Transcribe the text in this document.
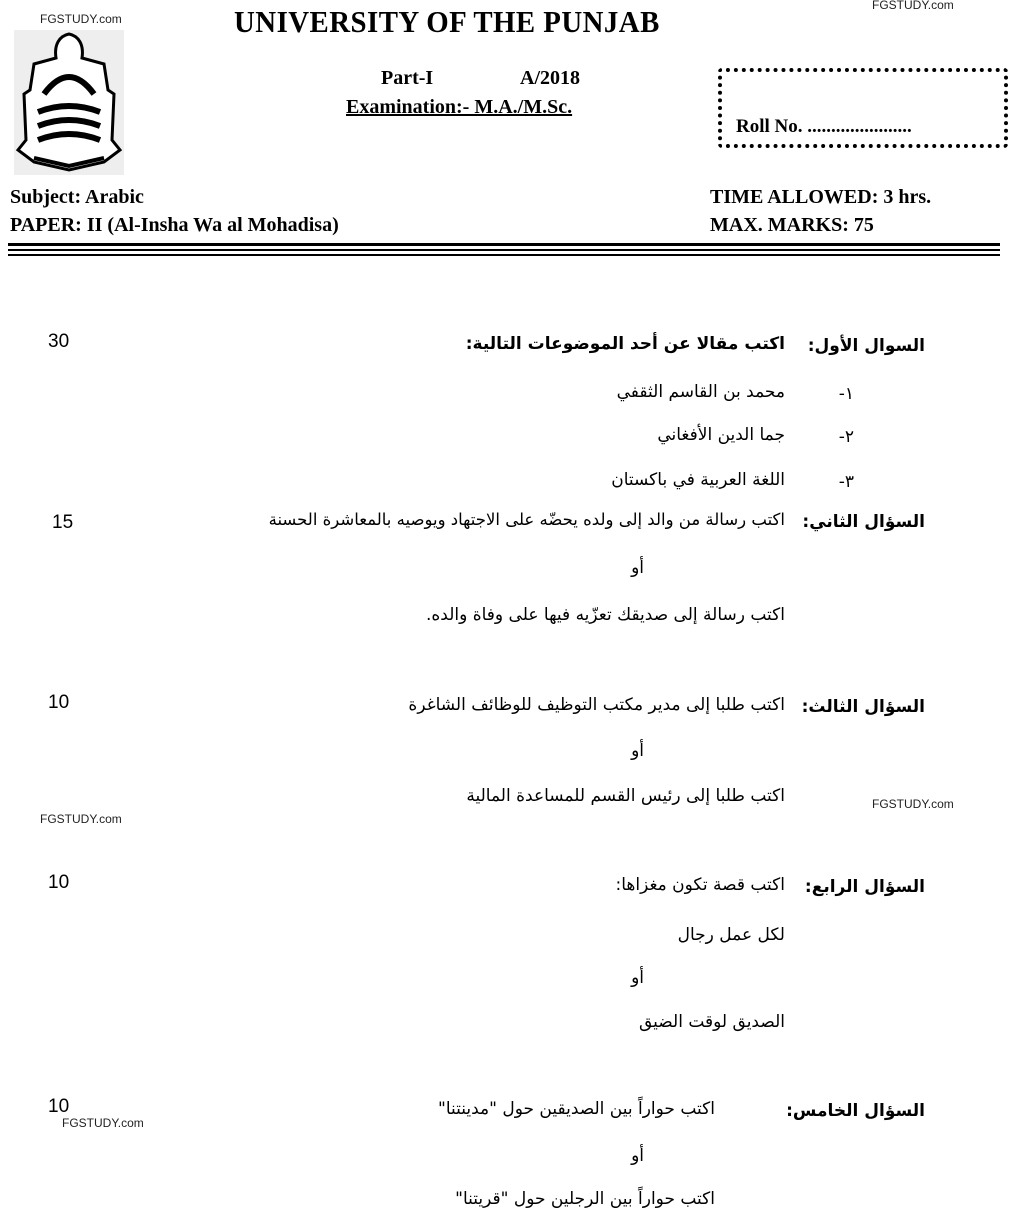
FGSTUDY.com
FGSTUDY.com
FGSTUDY.com
FGSTUDY.com
FGSTUDY.com
UNIVERSITY OF THE PUNJAB
Part-I	A/2018
Examination:- M.A./M.Sc.
Roll No. ......................
Subject: Arabic
PAPER: II (Al-Insha Wa al Mohadisa)
TIME ALLOWED: 3 hrs.
MAX. MARKS: 75
السوال الأول:
اكتب مقالا عن أحد الموضوعات التالية:
30
١-
محمد بن القاسم الثقفي
٢-
جما الدين الأفغاني
٣-
اللغة العربية في باكستان
السؤال الثاني:
اكتب رسالة من والد إلى ولده يحضّه على الاجتهاد ويوصيه بالمعاشرة الحسنة
15
أو
اكتب رسالة إلى صديقك تعزّيه فيها على وفاة والده.
السؤال الثالث:
اكتب طلبا إلى مدير مكتب التوظيف للوظائف الشاغرة
10
أو
اكتب طلبا إلى رئيس القسم للمساعدة المالية
السؤال الرابع:
اكتب قصة تكون مغزاها:
10
لكل عمل رجال
أو
الصديق لوقت الضيق
السؤال الخامس:
اكتب حواراً بين الصديقين حول "مدينتنا"
10
أو
اكتب حواراً بين الرجلين حول "قريتنا"
